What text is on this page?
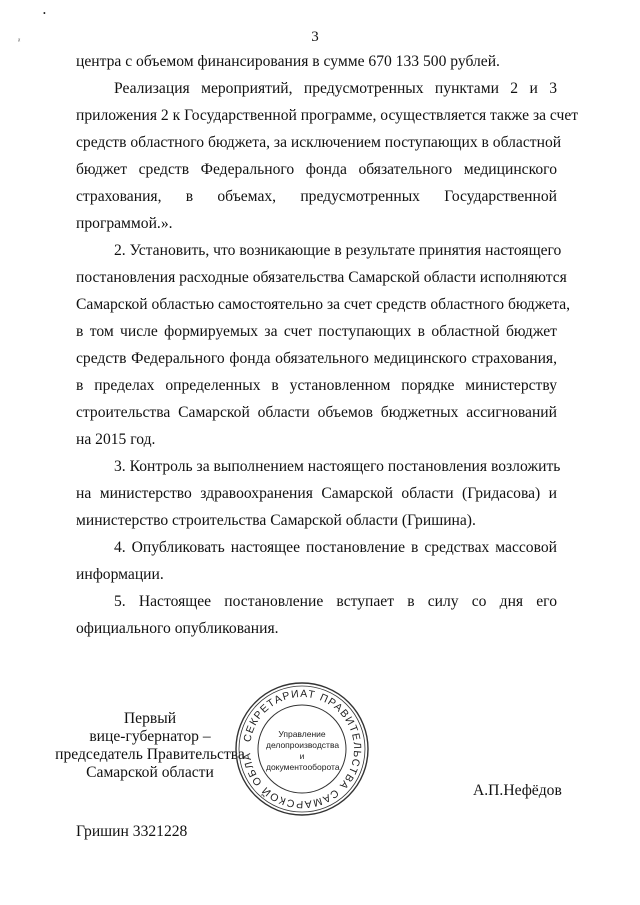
•
ᵪ	3
центра с объемом финансирования в сумме 670 133 500 рублей.
Реализация мероприятий, предусмотренных пунктами 2 и 3
приложения 2 к Государственной программе, осуществляется также за счет
средств областного бюджета, за исключением поступающих в областной
бюджет средств Федерального фонда обязательного медицинского
страхования, в объемах, предусмотренных Государственной
программой.».
2. Установить, что возникающие в результате принятия настоящего
постановления расходные обязательства Самарской области исполняются
Самарской областью самостоятельно за счет средств областного бюджета,
в том числе формируемых за счет поступающих в областной бюджет
средств Федерального фонда обязательного медицинского страхования,
в пределах определенных в установленном порядке министерству
строительства Самарской области объемов бюджетных ассигнований
на 2015 год.
3. Контроль за выполнением настоящего постановления возложить
на министерство здравоохранения Самарской области (Гридасова) и
министерство строительства Самарской области (Гришина).
4. Опубликовать настоящее постановление в средствах массовой
информации.
5. Настоящее постановление вступает в силу со дня его
официального опубликования.
Первый
вице-губернатор –
председатель Правительства
Самарской области
А.П.Нефёдов
СЕКРЕТАРИАТ ПРАВИТЕЛЬСТВА САМАРСКОЙ ОБЛА
Управление
делопроизводства
и документооборота
Гришин 3321228
